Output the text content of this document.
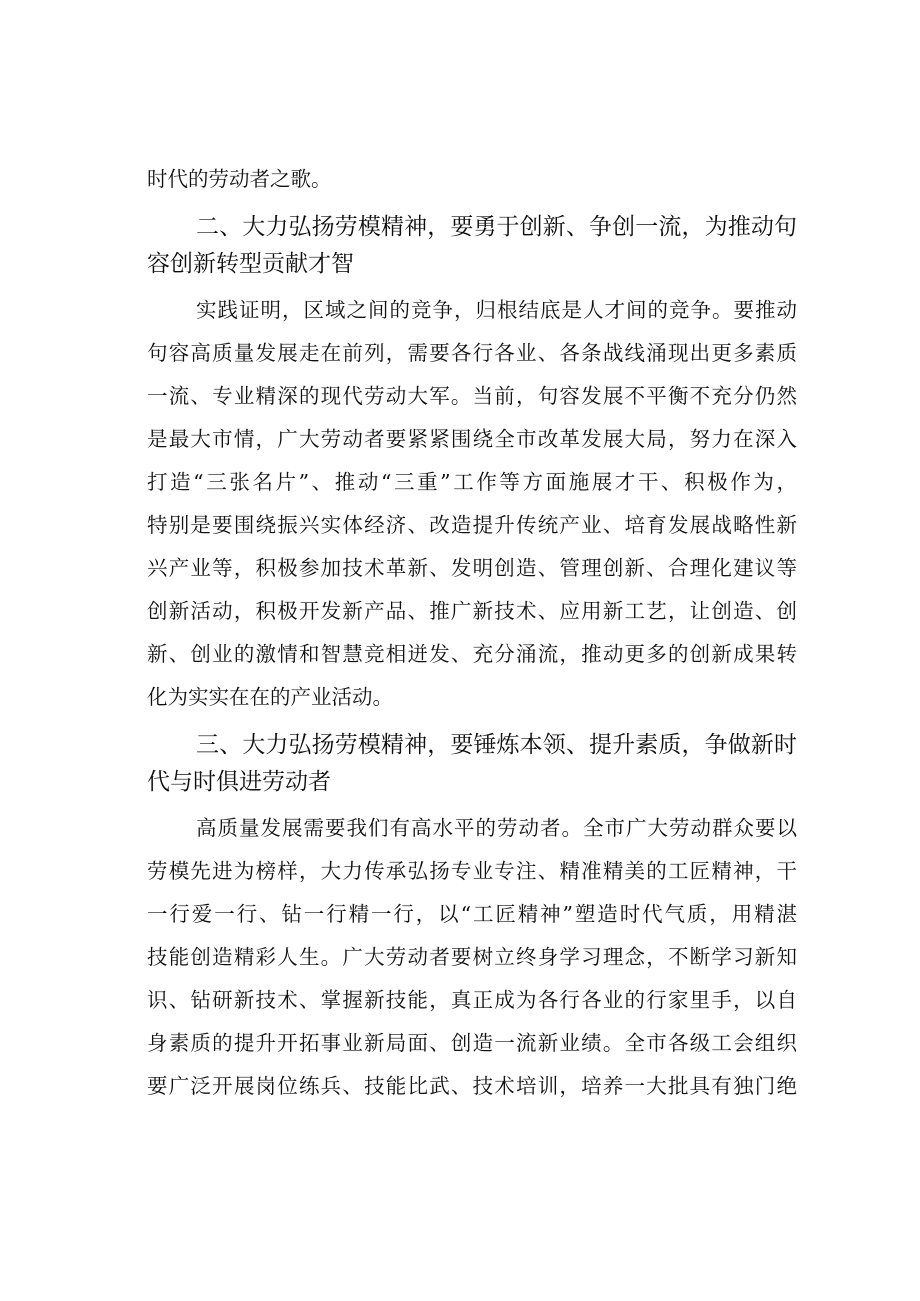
时代的劳动者之歌。
二、大力弘扬劳模精神，要勇于创新、争创一流，为推动句
容创新转型贡献才智
实践证明，区域之间的竞争，归根结底是人才间的竞争。要推动
句容高质量发展走在前列，需要各行各业、各条战线涌现出更多素质
一流、专业精深的现代劳动大军。当前，句容发展不平衡不充分仍然
是最大市情，广大劳动者要紧紧围绕全市改革发展大局，努力在深入
打造“三张名片”、推动“三重”工作等方面施展才干、积极作为，
特别是要围绕振兴实体经济、改造提升传统产业、培育发展战略性新
兴产业等，积极参加技术革新、发明创造、管理创新、合理化建议等
创新活动，积极开发新产品、推广新技术、应用新工艺，让创造、创
新、创业的激情和智慧竞相迸发、充分涌流，推动更多的创新成果转
化为实实在在的产业活动。
三、大力弘扬劳模精神，要锤炼本领、提升素质，争做新时
代与时俱进劳动者
高质量发展需要我们有高水平的劳动者。全市广大劳动群众要以
劳模先进为榜样，大力传承弘扬专业专注、精准精美的工匠精神，干
一行爱一行、钻一行精一行，以“工匠精神”塑造时代气质，用精湛
技能创造精彩人生。广大劳动者要树立终身学习理念，不断学习新知
识、钻研新技术、掌握新技能，真正成为各行各业的行家里手，以自
身素质的提升开拓事业新局面、创造一流新业绩。全市各级工会组织
要广泛开展岗位练兵、技能比武、技术培训，培养一大批具有独门绝
